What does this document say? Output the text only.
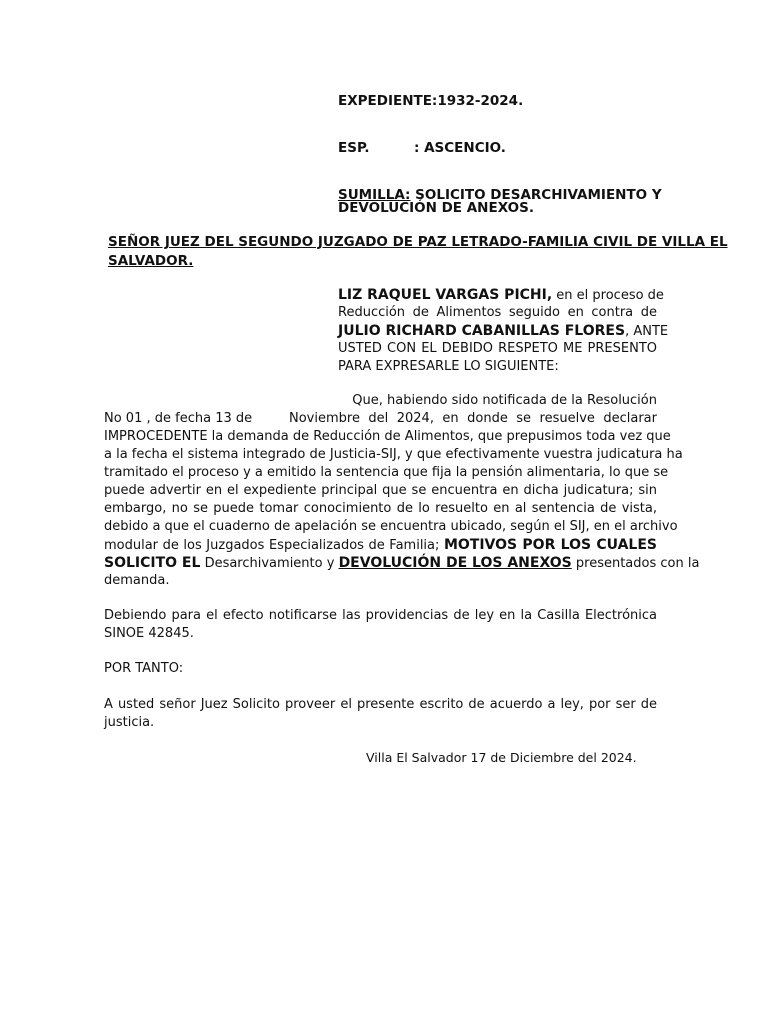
EXPEDIENTE:1932-2024.
ESP.	: ASCENCIO.
SUMILLA: SOLICITO DESARCHIVAMIENTO Y
DEVOLUCIÓN DE ANEXOS.
SEÑOR JUEZ DEL SEGUNDO JUZGADO DE PAZ LETRADO-FAMILIA CIVIL DE VILLA EL
SALVADOR.
LIZ RAQUEL VARGAS PICHI, en el proceso de
Reducción de Alimentos seguido en contra de
JULIO RICHARD CABANILLAS FLORES, ANTE
USTED CON EL DEBIDO RESPETO ME PRESENTO
PARA EXPRESARLE LO SIGUIENTE:
Que, habiendo sido notificada de la Resolución
No 01 , de fecha 13 de	Noviembre del 2024, en donde se resuelve declarar
IMPROCEDENTE la demanda de Reducción de Alimentos, que prepusimos toda vez que
a la fecha el sistema integrado de Justicia-SIJ, y que efectivamente vuestra judicatura ha
tramitado el proceso y a emitido la sentencia que fija la pensión alimentaria, lo que se
puede advertir en el expediente principal que se encuentra en dicha judicatura; sin
embargo, no se puede tomar conocimiento de lo resuelto en al sentencia de vista,
debido a que el cuaderno de apelación se encuentra ubicado, según el SIJ, en el archivo
modular de los Juzgados Especializados de Familia; MOTIVOS POR LOS CUALES
SOLICITO EL Desarchivamiento y DEVOLUCIÓN DE LOS ANEXOS presentados con la
demanda.
Debiendo para el efecto notificarse las providencias de ley en la Casilla Electrónica
SINOE 42845.
POR TANTO:
A usted señor Juez Solicito proveer el presente escrito de acuerdo a ley, por ser de
justicia.
Villa El Salvador 17 de Diciembre del 2024.
